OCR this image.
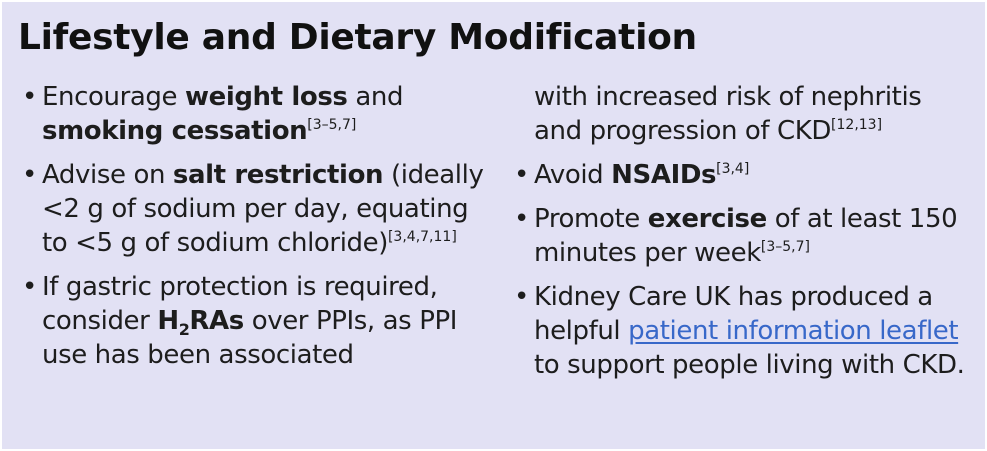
Lifestyle and Dietary Modification
• Encourage weight loss and smoking cessation[3–5,7]
• Advise on salt restriction (ideally <2 g of sodium per day, equating to <5 g of sodium chloride)[3,4,7,11]
• If gastric protection is required, consider $H_2RAs$ over PPIs, as PPI use has been associated
with increased risk of nephritis and progression of CKD[12,13]
• Avoid NSAIDs[3,4]
• Promote exercise of at least 150 minutes per week[3–5,7]
• Kidney Care UK has produced a helpful patient information leaflet to support people living with CKD.
